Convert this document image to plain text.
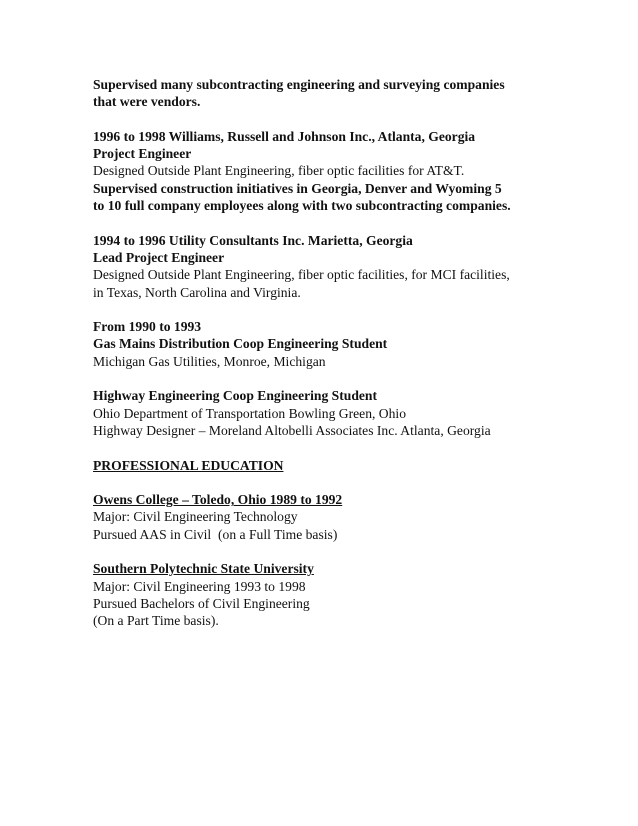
Supervised many subcontracting engineering and surveying companies
that were vendors.
1996 to 1998 Williams, Russell and Johnson Inc., Atlanta, Georgia
Project Engineer
Designed Outside Plant Engineering, fiber optic facilities for AT&T.
Supervised construction initiatives in Georgia, Denver and Wyoming 5
to 10 full company employees along with two subcontracting companies.
1994 to 1996 Utility Consultants Inc. Marietta, Georgia
Lead Project Engineer
Designed Outside Plant Engineering, fiber optic facilities, for MCI facilities,
in Texas, North Carolina and Virginia.
From 1990 to 1993
Gas Mains Distribution Coop Engineering Student
Michigan Gas Utilities, Monroe, Michigan
Highway Engineering Coop Engineering Student
Ohio Department of Transportation Bowling Green, Ohio
Highway Designer – Moreland Altobelli Associates Inc. Atlanta, Georgia
PROFESSIONAL EDUCATION
Owens College – Toledo, Ohio 1989 to 1992
Major: Civil Engineering Technology
Pursued AAS in Civil  (on a Full Time basis)
Southern Polytechnic State University
Major: Civil Engineering 1993 to 1998
Pursued Bachelors of Civil Engineering
(On a Part Time basis).
